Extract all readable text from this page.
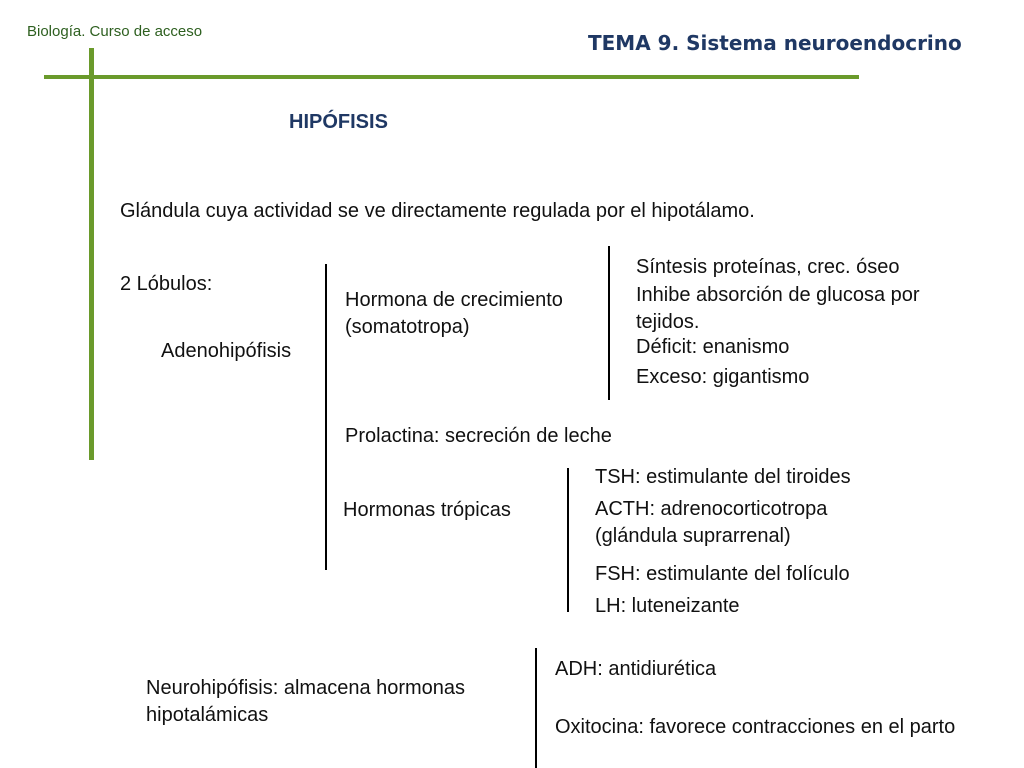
Biología. Curso de acceso	TEMA 9. Sistema neuroendocrino
HIPÓFISIS
Glándula cuya actividad se ve directamente regulada por el hipotálamo.
2 Lóbulos:
Adenohipófisis
Hormona de crecimiento
(somatotropa)
Síntesis proteínas, crec. óseo
Inhibe absorción de glucosa por
tejidos.
Déficit: enanismo
Exceso: gigantismo
Prolactina: secreción de leche
Hormonas trópicas
TSH: estimulante del tiroides
ACTH: adrenocorticotropa
(glándula suprarrenal)
FSH: estimulante del folículo
LH: luteneizante
Neurohipófisis: almacena hormonas
hipotalámicas
ADH: antidiurética
Oxitocina: favorece contracciones en el parto
